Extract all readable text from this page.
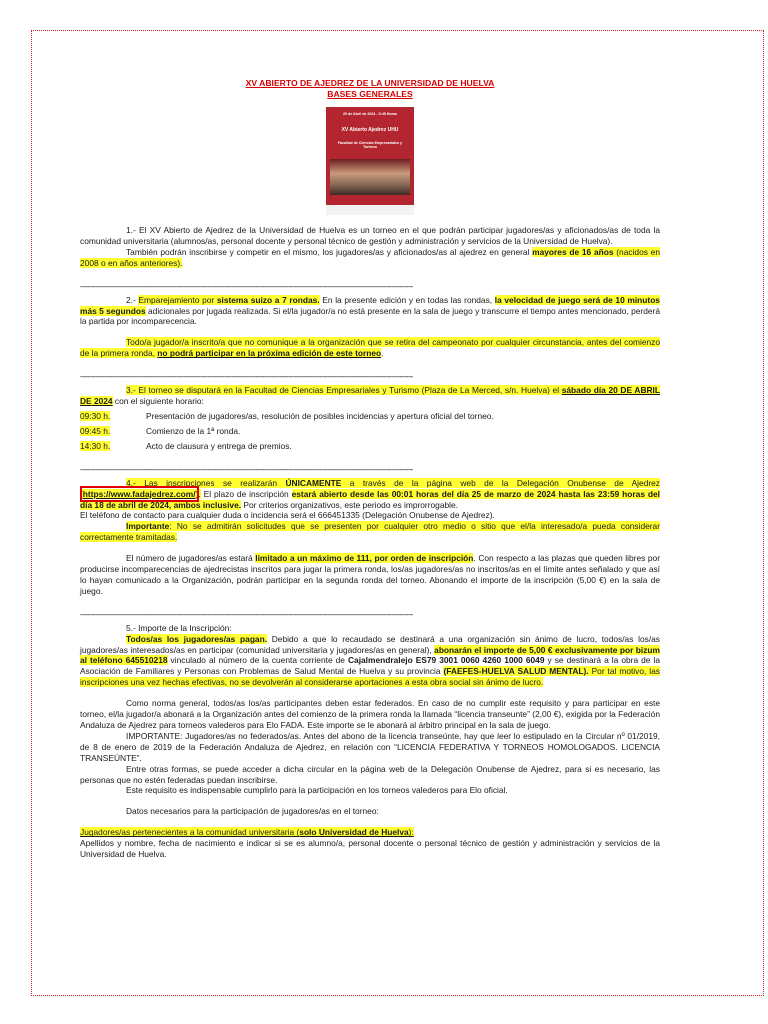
XV ABIERTO DE AJEDREZ DE LA UNIVERSIDAD DE HUELVA
BASES GENERALES
20 de Abril de 2024 - 9:45 Horas
XV Abierto Ajedrez UHU
Facultad de Ciencias Empresariales y Turismo

1.- El XV Abierto de Ajedrez de la Universidad de Huelva es un torneo en el que podrán participar jugadores/as y aficionados/as de toda la comunidad universitaria (alumnos/as, personal docente y personal técnico de gestión y administración y servicios de la Universidad de Huelva).

También podrán inscribirse y competir en el mismo, los jugadores/as y aficionados/as al ajedrez en general mayores de 16 años (nacidos en 2008 o en años anteriores).

--------------------------------------------------------------------------------------------------------------------------------------------------------

2.- Emparejamiento por sistema suizo a 7 rondas. En la presente edición y en todas las rondas, la velocidad de juego será de 10 minutos más 5 segundos adicionales por jugada realizada. Si el/la jugador/a no está presente en la sala de juego y transcurre el tiempo antes mencionado, perderá la partida por incomparecencia.

Todo/a jugador/a inscrito/a que no comunique a la organización que se retira del campeonato por cualquier circunstancia, antes del comienzo de la primera ronda, no podrá participar en la próxima edición de este torneo.

--------------------------------------------------------------------------------------------------------------------------------------------------------

3.- El torneo se disputará en la Facultad de Ciencias Empresariales y Turismo (Plaza de La Merced, s/n. Huelva) el sábado día 20 DE ABRIL DE 2024 con el siguiente horario:

09:30 h.	Presentación de jugadores/as, resolución de posibles incidencias y apertura oficial del torneo.
09:45 h.	Comienzo de la 1ª ronda.
14:30 h.	Acto de clausura y entrega de premios.
--------------------------------------------------------------------------------------------------------------------------------------------------------

4.- Las inscripciones se realizarán ÚNICAMENTE a través de la página web de la Delegación Onubense de Ajedrez (https://www.fadajedrez.com/). El plazo de inscripción estará abierto desde las 00:01 horas del día 25 de marzo de 2024 hasta las 23:59 horas del día 18 de abril de 2024, ambos inclusive. Por criterios organizativos, este periodo es improrrogable.

El teléfono de contacto para cualquier duda o incidencia será el 666451335 (Delegación Onubense de Ajedrez).

Importante: No se admitirán solicitudes que se presenten por cualquier otro medio o sitio que el/la interesado/a pueda considerar correctamente tramitadas.

El número de jugadores/as estará limitado a un máximo de 111, por orden de inscripción. Con respecto a las plazas que queden libres por producirse incomparecencias de ajedrecistas inscritos para jugar la primera ronda, los/as jugadores/as no inscritos/as en el límite antes señalado y que así lo hayan comunicado a la Organización, podrán participar en la segunda ronda del torneo. Abonando el importe de la inscripción (5,00 €) en la sala de juego.

--------------------------------------------------------------------------------------------------------------------------------------------------------

5.- Importe de la Inscripción:

Todos/as los jugadores/as pagan. Debido a que lo recaudado se destinará a una organización sin ánimo de lucro, todos/as los/as jugadores/as interesados/as en participar (comunidad universitaria y jugadores/as en general), abonarán el importe de 5,00 € exclusivamente por bizum al teléfono 645510218 vinculado al número de la cuenta corriente de Cajalmendralejo ES79 3001 0060 4260 1000 6049 y se destinará a la obra de la Asociación de Familiares y Personas con Problemas de Salud Mental de Huelva y su provincia (FAEFES-HUELVA SALUD MENTAL). Por tal motivo, las inscripciones una vez hechas efectivas, no se devolverán al considerarse aportaciones a esta obra social sin ánimo de lucro.

Como norma general, todos/as los/as participantes deben estar federados. En caso de no cumplir este requisito y para participar en este torneo, el/la jugador/a abonará a la Organización antes del comienzo de la primera ronda la llamada “licencia transeunte” (2,00 €), exigida por la Federación Andaluza de Ajedrez para torneos valederos para Elo FADA. Este importe se le abonará al árbitro principal en la sala de juego.

IMPORTANTE: Jugadores/as no federados/as. Antes del abono de la licencia transeúnte, hay que leer lo estipulado en la Circular nº 01/2019, de 8 de enero de 2019 de la Federación Andaluza de Ajedrez, en relación con “LICENCIA FEDERATIVA Y TORNEOS HOMOLOGADOS. LICENCIA TRANSEÚNTE”.

Entre otras formas, se puede acceder a dicha circular en la página web de la Delegación Onubense de Ajedrez, para si es necesario, las personas que no estén federadas puedan inscribirse.

Este requisito es indispensable cumplirlo para la participación en los torneos valederos para Elo oficial.

Datos necesarios para la participación de jugadores/as en el torneo:

Jugadores/as pertenecientes a la comunidad universitaria (solo Universidad de Huelva):

Apellidos y nombre, fecha de nacimiento e indicar si se es alumno/a, personal docente o personal técnico de gestión y administración y servicios de la Universidad de Huelva.
